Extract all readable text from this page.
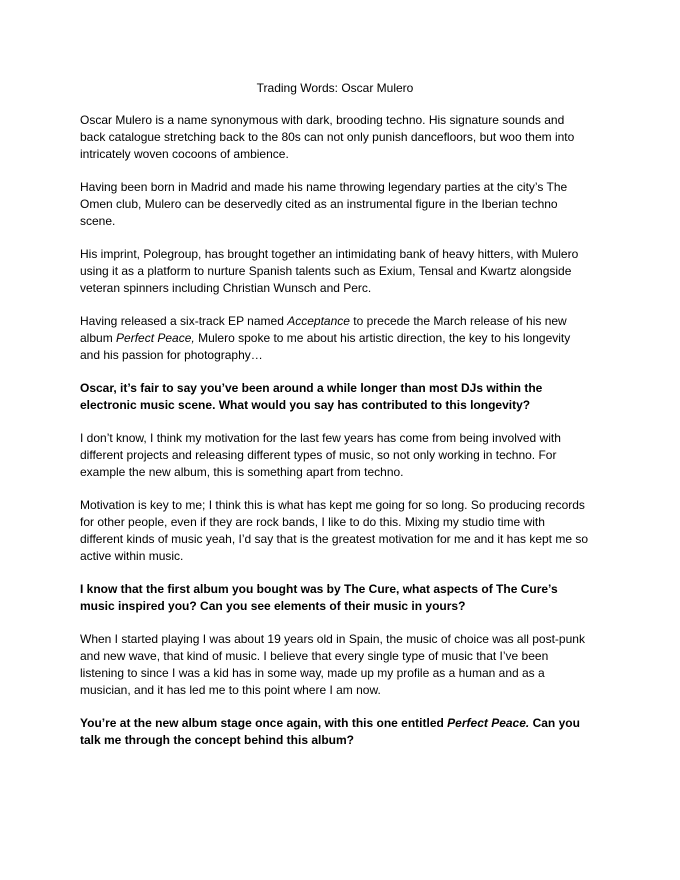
Trading Words: Oscar Mulero

Oscar Mulero is a name synonymous with dark, brooding techno. His signature sounds and back catalogue stretching back to the 80s can not only punish dancefloors, but woo them into intricately woven cocoons of ambience.

Having been born in Madrid and made his name throwing legendary parties at the city’s The Omen club, Mulero can be deservedly cited as an instrumental figure in the Iberian techno scene.

His imprint, Polegroup, has brought together an intimidating bank of heavy hitters, with Mulero using it as a platform to nurture Spanish talents such as Exium, Tensal and Kwartz alongside veteran spinners including Christian Wunsch and Perc.

Having released a six-track EP named Acceptance to precede the March release of his new album Perfect Peace, Mulero spoke to me about his artistic direction, the key to his longevity and his passion for photography…

Oscar, it’s fair to say you’ve been around a while longer than most DJs within the electronic music scene. What would you say has contributed to this longevity?

I don’t know, I think my motivation for the last few years has come from being involved with different projects and releasing different types of music, so not only working in techno. For example the new album, this is something apart from techno.

Motivation is key to me; I think this is what has kept me going for so long. So producing records for other people, even if they are rock bands, I like to do this. Mixing my studio time with different kinds of music yeah, I’d say that is the greatest motivation for me and it has kept me so active within music.

I know that the first album you bought was by The Cure, what aspects of The Cure’s music inspired you? Can you see elements of their music in yours?

When I started playing I was about 19 years old in Spain, the music of choice was all post-punk and new wave, that kind of music. I believe that every single type of music that I’ve been listening to since I was a kid has in some way, made up my profile as a human and as a musician, and it has led me to this point where I am now.

You’re at the new album stage once again, with this one entitled Perfect Peace. Can you talk me through the concept behind this album?
